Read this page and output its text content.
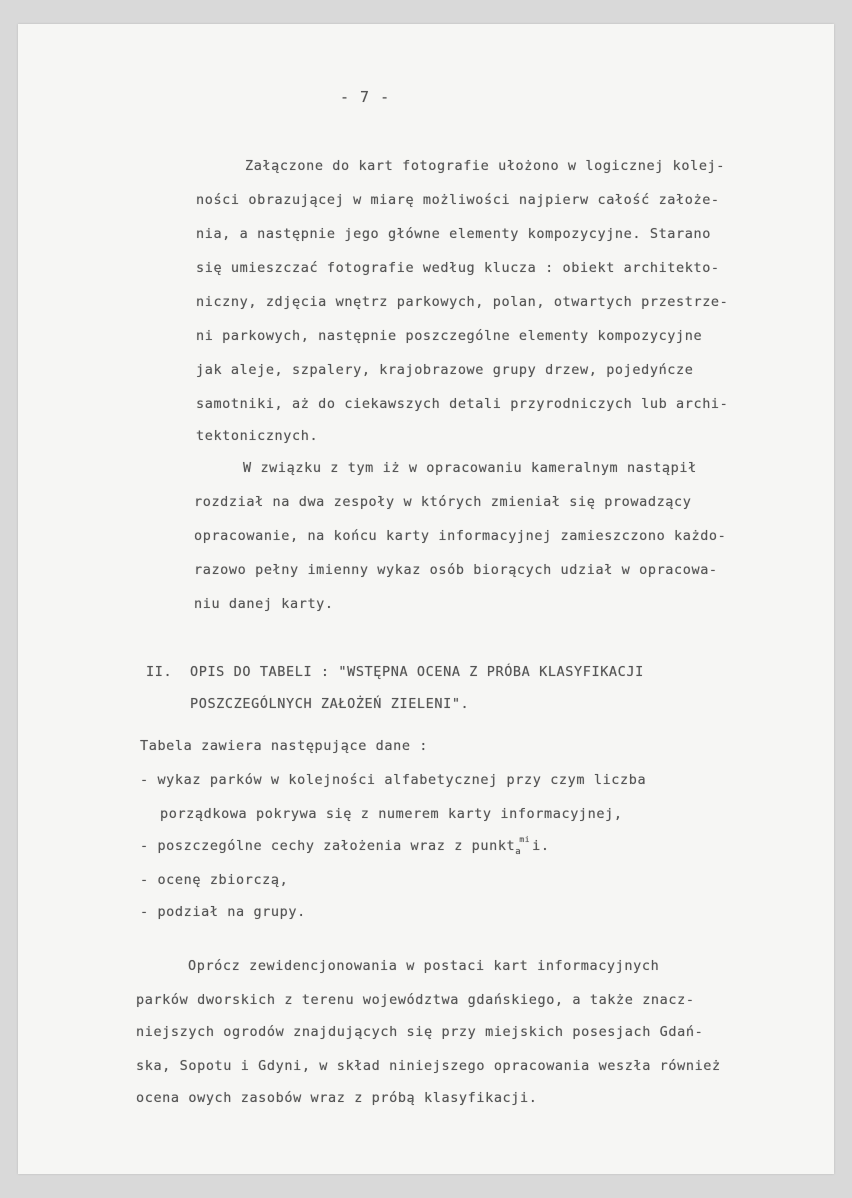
- 7 -
Załączone do kart fotografie ułożono w logicznej kolej-
ności obrazującej w miarę możliwości najpierw całość założe-
nia, a następnie jego główne elementy kompozycyjne. Starano
się umieszczać fotografie według klucza : obiekt architekto-
niczny, zdjęcia wnętrz parkowych, polan, otwartych przestrze-
ni parkowych, następnie poszczególne elementy kompozycyjne
jak aleje, szpalery, krajobrazowe grupy drzew, pojedyńcze
samotniki, aż do ciekawszych detali przyrodniczych lub archi-
tektonicznych.
W związku z tym iż w opracowaniu kameralnym nastąpił
rozdział na dwa zespoły w których zmieniał się prowadzący
opracowanie, na końcu karty informacyjnej zamieszczono każdo-
razowo pełny imienny wykaz osób biorących udział w opracowa-
niu danej karty.
II. OPIS DO TABELI : "WSTĘPNA OCENA Z PRÓBA KLASYFIKACJI
POSZCZEGÓLNYCH ZAŁOŻEŃ ZIELENI".
Tabela zawiera następujące dane :
- wykaz parków w kolejności alfabetycznej przy czym liczba
porządkowa pokrywa się z numerem karty informacyjnej,
- poszczególne cechy założenia wraz z punkt$_a^{mi}$ i.
- ocenę zbiorczą,
- podział na grupy.
Oprócz zewidencjonowania w postaci kart informacyjnych
parków dworskich z terenu województwa gdańskiego, a także znacz-
niejszych ogrodów znajdujących się przy miejskich posesjach Gdań-
ska, Sopotu i Gdyni, w skład niniejszego opracowania weszła również
ocena owych zasobów wraz z próbą klasyfikacji.
